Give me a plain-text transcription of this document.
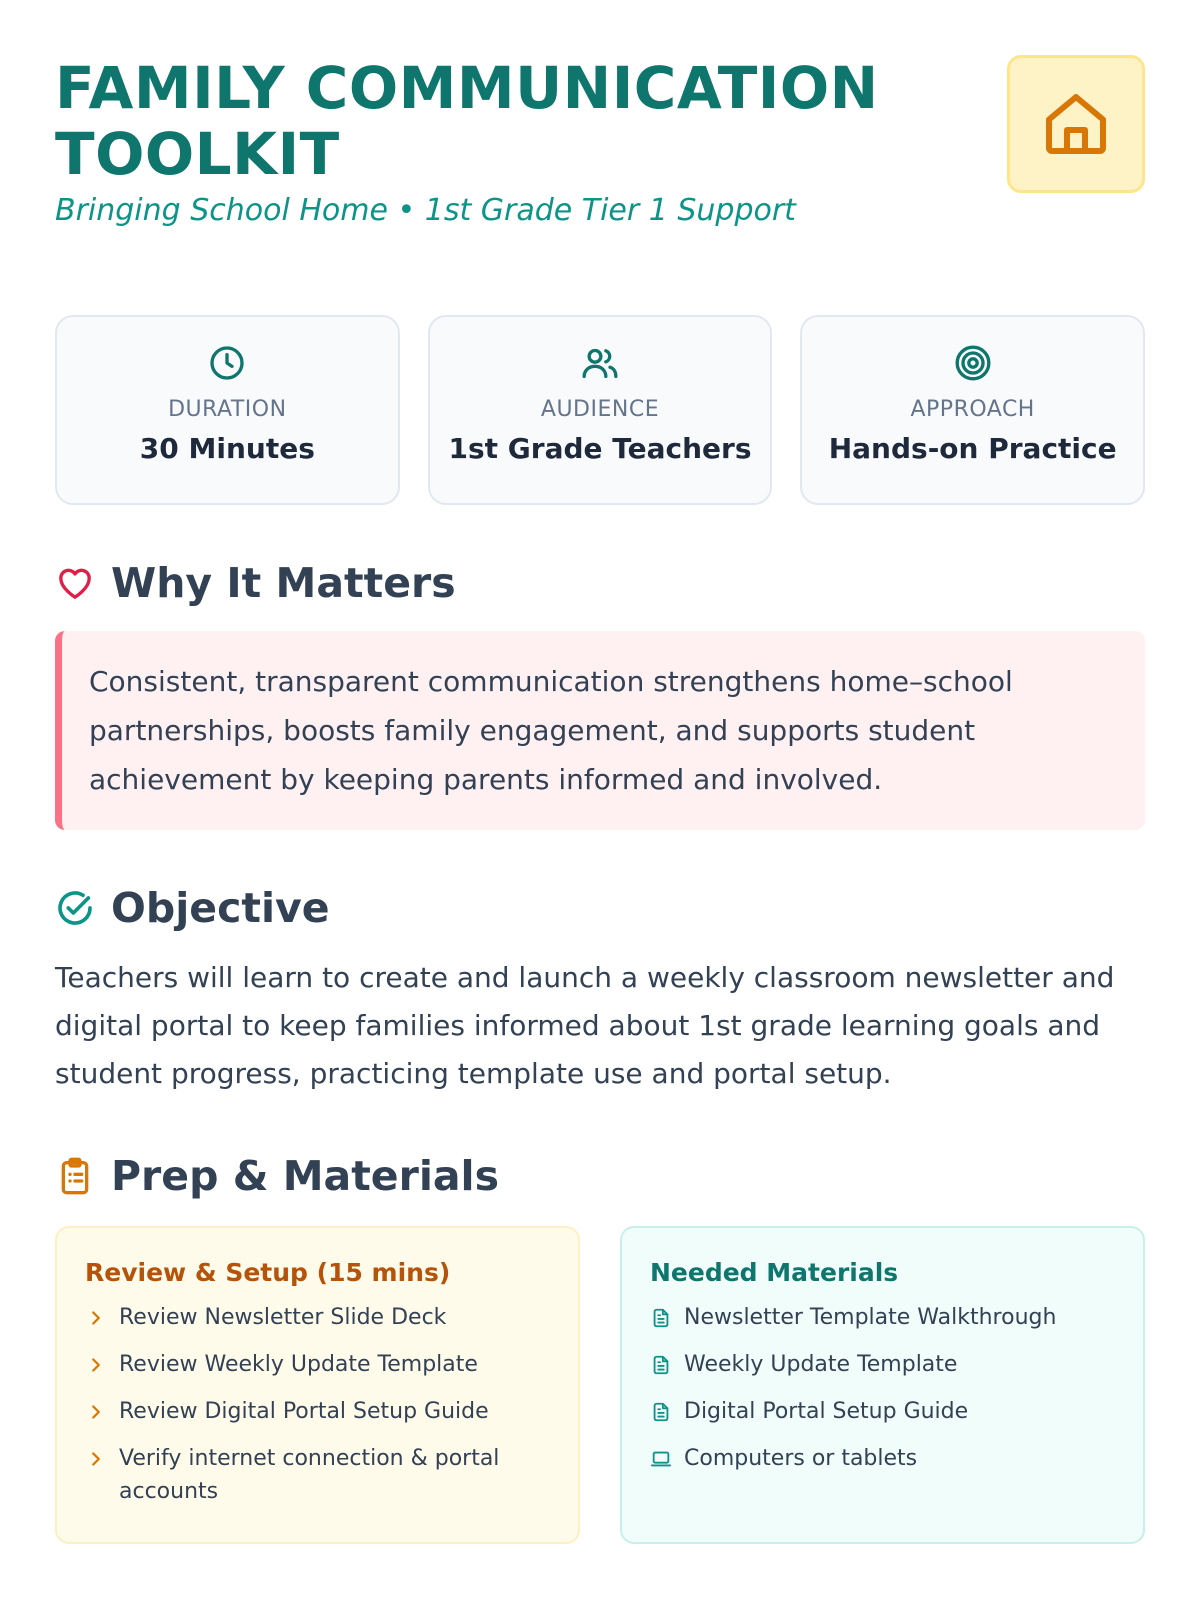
FAMILY COMMUNICATION TOOLKIT
Bringing School Home • 1st Grade Tier 1 Support
DURATION
30 Minutes
AUDIENCE
1st Grade Teachers
APPROACH
Hands-on Practice
Why It Matters
Consistent, transparent communication strengthens home–school partnerships, boosts family engagement, and supports student achievement by keeping parents informed and involved.
Objective
Teachers will learn to create and launch a weekly classroom newsletter and digital portal to keep families informed about 1st grade learning goals and student progress, practicing template use and portal setup.
Prep & Materials
Review & Setup (15 mins)
Review Newsletter Slide Deck
Review Weekly Update Template
Review Digital Portal Setup Guide
Verify internet connection & portal accounts
Needed Materials
Newsletter Template Walkthrough
Weekly Update Template
Digital Portal Setup Guide
Computers or tablets
